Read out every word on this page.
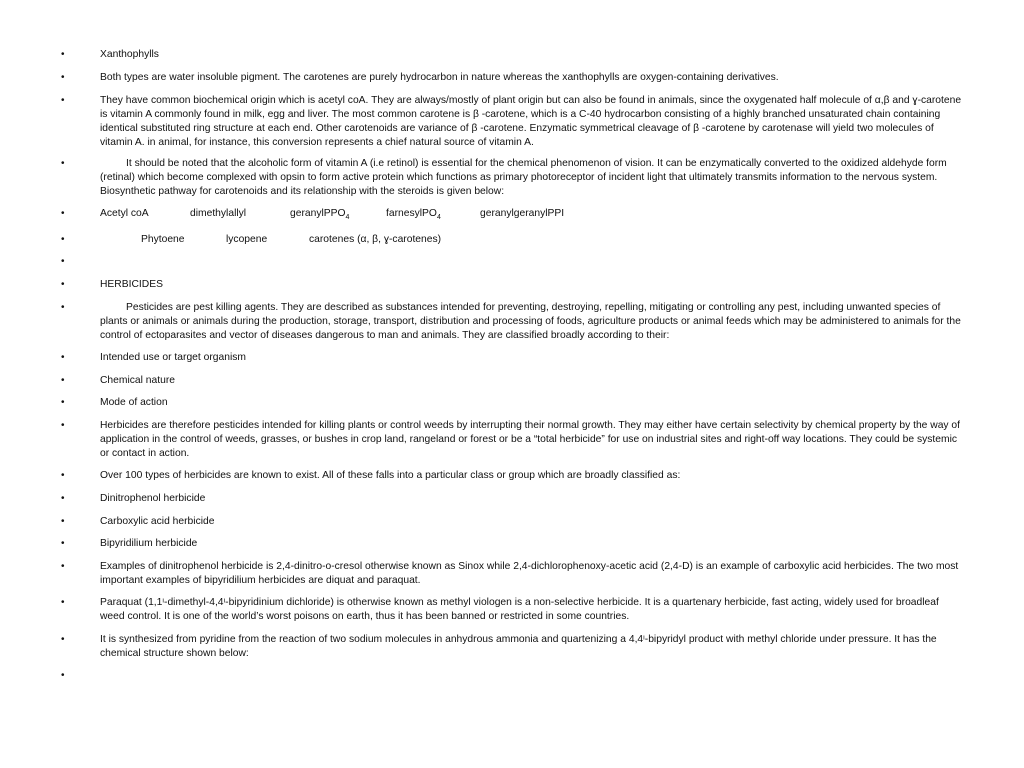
•	Xanthophylls
•	Both types are water insoluble pigment. The carotenes are purely hydrocarbon in nature whereas the xanthophylls are oxygen-containing derivatives.
•	They have common biochemical origin which is acetyl coA. They are always/mostly of plant origin but can also be found in animals, since the oxygenated half molecule of α,β and ɣ-carotene is vitamin A commonly found in milk, egg and liver. The most common carotene is β -carotene, which is a C-40 hydrocarbon consisting of a highly branched unsaturated chain containing identical substituted ring structure at each end. Other carotenoids are variance of β -carotene. Enzymatic symmetrical cleavage of β -carotene by carotenase will yield two molecules of vitamin A. in animal, for instance, this conversion represents a chief natural source of vitamin A.
•	It should be noted that the alcoholic form of vitamin A (i.e retinol) is essential for the chemical phenomenon of vision. It can be enzymatically converted to the oxidized aldehyde form (retinal) which become complexed with opsin to form active protein which functions as primary photoreceptor of incident light that ultimately transmits information to the nervous system. Biosynthetic pathway for carotenoids and its relationship with the steroids is given below:
•	Acetyl coA	dimethylallyl	geranylPPO$_4$	farnesylPO$_4$	geranylgeranylPPI
•	Phytoene	lycopene	carotenes (α, β, ɣ-carotenes)
•
•	HERBICIDES
•	Pesticides are pest killing agents. They are described as substances intended for preventing, destroying, repelling, mitigating or controlling any pest, including unwanted species of plants or animals or animals during the production, storage, transport, distribution and processing of foods, agriculture products or animal feeds which may be administered to animals for the control of ectoparasites and vector of diseases dangerous to man and animals. They are classified broadly according to their:
•	Intended use or target organism
•	Chemical nature
•	Mode of action
•	Herbicides are therefore pesticides intended for killing plants or control weeds by interrupting their normal growth. They may either have certain selectivity by chemical property by the way of application in the control of weeds, grasses, or bushes in crop land, rangeland or forest or be a “total herbicide” for use on industrial sites and right-off way locations. They could be systemic or contact in action.
•	Over 100 types of herbicides are known to exist. All of these falls into a particular class or group which are broadly classified as:
•	Dinitrophenol herbicide
•	Carboxylic acid herbicide
•	Bipyridilium herbicide
•	Examples of dinitrophenol herbicide is 2,4-dinitro-o-cresol otherwise known as Sinox while 2,4-dichlorophenoxy-acetic acid (2,4-D) is an example of carboxylic acid herbicides. The two most important examples of bipyridilium herbicides are diquat and paraquat.
•	Paraquat (1,1ᶦ-dimethyl-4,4ᶦ-bipyridinium dichloride) is otherwise known as methyl viologen is a non-selective herbicide. It is a quartenary herbicide, fast acting, widely used for broadleaf weed control. It is one of the world’s worst poisons on earth, thus it has been banned or restricted in some countries.
•	It is synthesized from pyridine from the reaction of two sodium molecules in anhydrous ammonia and quartenizing a 4,4ᶦ-bipyridyl product with methyl chloride under pressure. It has the chemical structure shown below:
•
